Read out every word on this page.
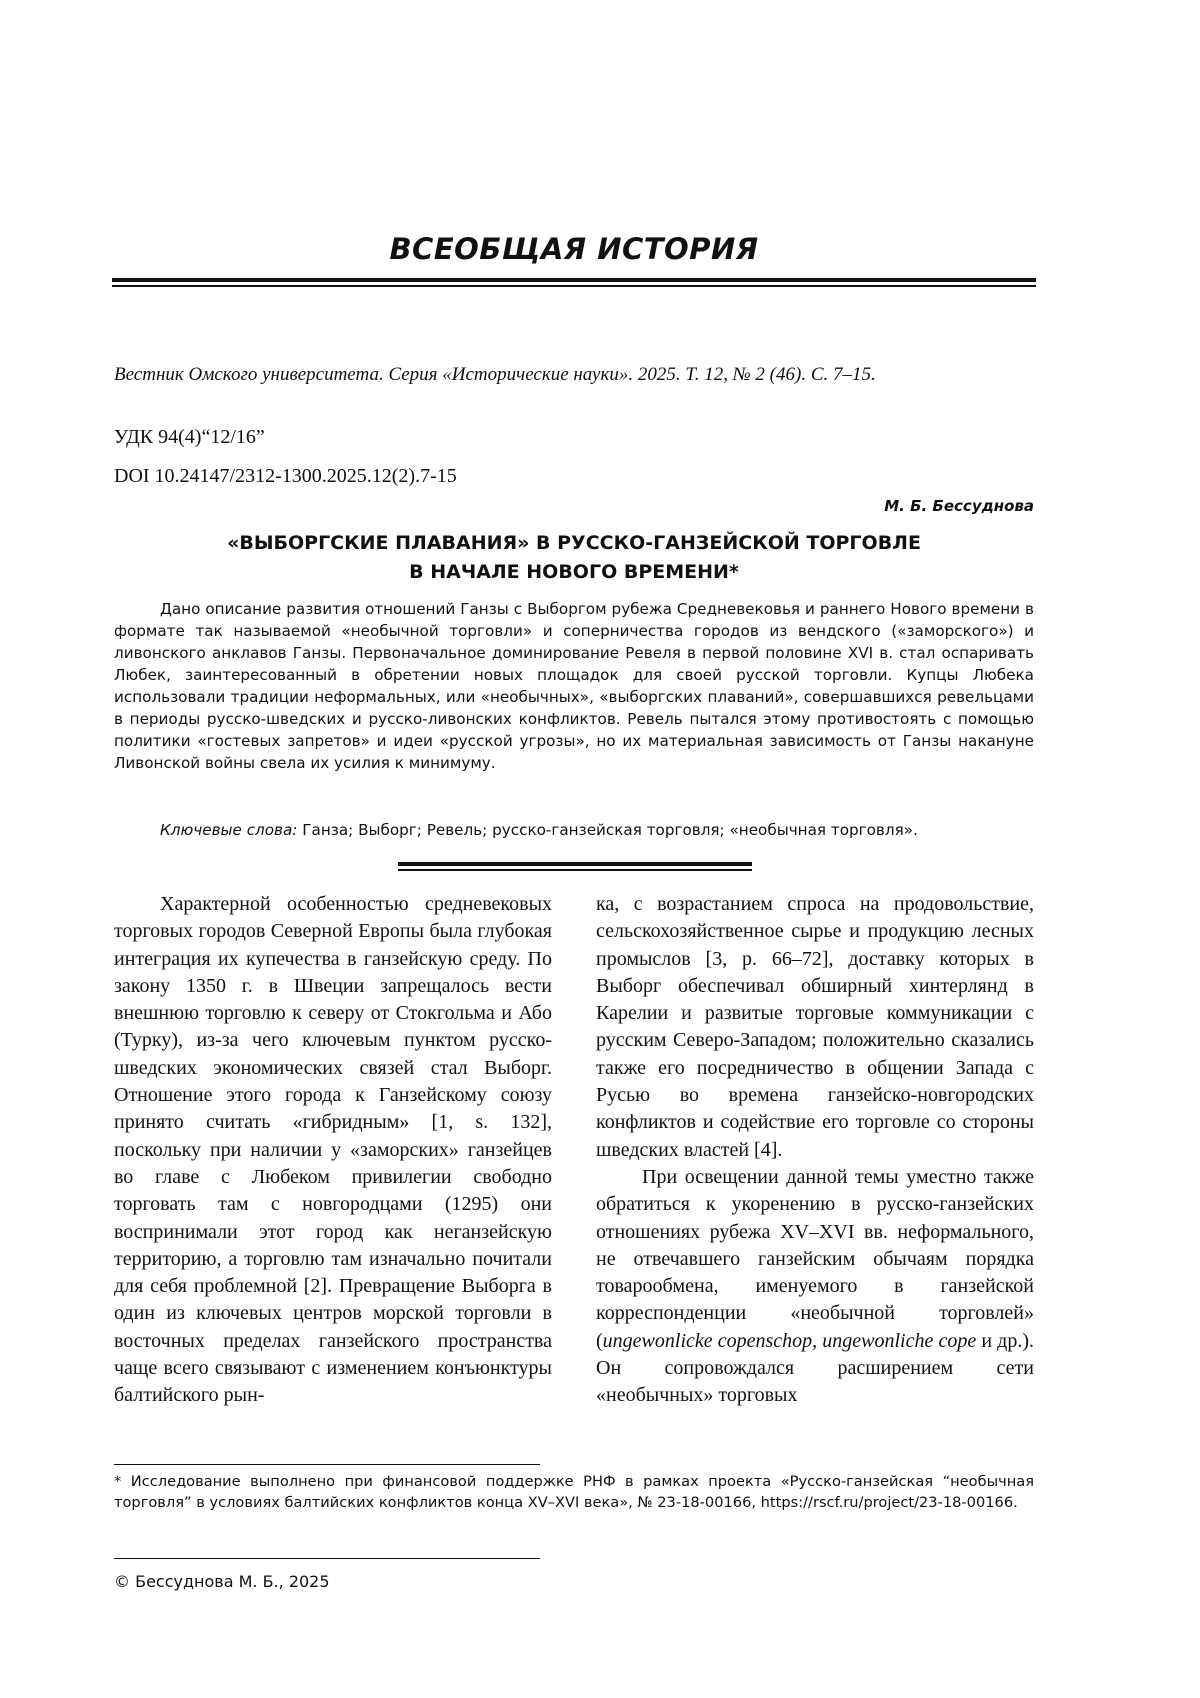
ВСЕОБЩАЯ ИСТОРИЯ
Вестник Омского университета. Серия «Исторические науки». 2025. Т. 12, № 2 (46). С. 7–15.
УДК 94(4)“12/16”
DOI 10.24147/2312-1300.2025.12(2).7-15
М. Б. Бессуднова
«ВЫБОРГСКИЕ ПЛАВАНИЯ» В РУССКО-ГАНЗЕЙСКОЙ ТОРГОВЛЕ
В НАЧАЛЕ НОВОГО ВРЕМЕНИ*

Дано описание развития отношений Ганзы с Выборгом рубежа Средневековья и раннего Нового времени в формате так называемой «необычной торговли» и соперничества городов из вендского («заморского») и ливонского анклавов Ганзы. Первоначальное доминирование Ревеля в первой половине XVI в. стал оспаривать Любек, заинтересованный в обретении новых площадок для своей русской торговли. Купцы Любека использовали традиции неформальных, или «необычных», «выборгских плаваний», совершавшихся ревельцами в периоды русско-шведских и русско-ливонских конфликтов. Ревель пытался этому противостоять с помощью политики «гостевых запретов» и идеи «русской угрозы», но их материальная зависимость от Ганзы накануне Ливонской войны свела их усилия к минимуму.

Ключевые слова: Ганза; Выборг; Ревель; русско-ганзейская торговля; «необычная торговля».

Характерной особенностью средневековых торговых городов Северной Европы была глубокая интеграция их купечества в ганзейскую среду. По закону 1350 г. в Швеции запрещалось вести внешнюю торговлю к северу от Стокгольма и Або (Турку), из-за чего ключевым пунктом русско-шведских экономических связей стал Выборг. Отношение этого города к Ганзейскому союзу принято считать «гибридным» [1, s. 132], поскольку при наличии у «заморских» ганзейцев во главе с Любеком привилегии свободно торговать там с новгородцами (1295) они воспринимали этот город как неганзейскую территорию, а торговлю там изначально почитали для себя проблемной [2]. Превращение Выборга в один из ключевых центров морской торговли в восточных пределах ганзейского пространства чаще всего связывают с изменением конъюнктуры балтийского рын-

ка, с возрастанием спроса на продовольствие, сельскохозяйственное сырье и продукцию лесных промыслов [3, p. 66–72], доставку которых в Выборг обеспечивал обширный хинтерлянд в Карелии и развитые торговые коммуникации с русским Северо-Западом; положительно сказались также его посредничество в общении Запада с Русью во времена ганзейско-новгородских конфликтов и содействие его торговле со стороны шведских властей [4].

При освещении данной темы уместно также обратиться к укоренению в русско-ганзейских отношениях рубежа XV–XVI вв. неформального, не отвечавшего ганзейским обычаям порядка товарообмена, именуемого в ганзейской корреспонденции «необычной торговлей» (ungewonlicke copenschop, ungewonliche cope и др.). Он сопровождался расширением сети «необычных» торговых

* Исследование выполнено при финансовой поддержке РНФ в рамках проекта «Русско-ганзейская “необычная торговля” в условиях балтийских конфликтов конца XV–XVI века», № 23-18-00166, https://rscf.ru/project/23-18-00166.

© Бессуднова М. Б., 2025
